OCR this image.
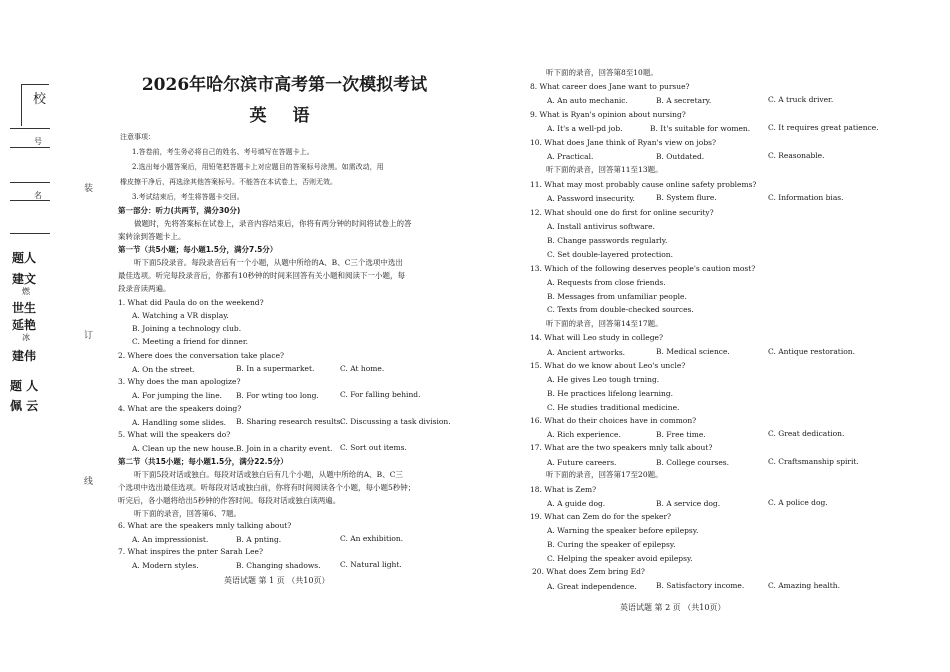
校
号
名
题人
建文
燃
世生
延艳
冰
建伟
题 人
佩 云
装
订
线
2026年哈尔滨市高考第一次模拟考试
英 语
注意事项：
1.答卷前，考生务必将自己的姓名、考号填写在答题卡上。
2.选出每小题答案后，用铅笔把答题卡上对应题目的答案标号涂黑。如需改动，用
橡皮擦干净后，再选涂其他答案标号。不能答在本试卷上，否则无效。
3.考试结束后，考生将答题卡交回。
第一部分：听力(共两节，满分30分)
做题时，先将答案标在试卷上，录音内容结束后，你将有两分钟的时间将试卷上的答
案转涂到答题卡上。
第一节（共5小题；每小题1.5分，满分7.5分）
听下面5段录音。每段录音后有一个小题，从题中所给的A、B、C三个选项中选出
最佳选项。听完每段录音后，你都有10秒钟的时间来回答有关小题和阅读下一小题，每
段录音读两遍。
1. What did Paula do on the weekend?
A. Watching a VR display.
B. Joining a technology club.
C. Meeting a friend for dinner.
2. Where does the conversation take place?
A. On the street.	B. In a supermarket.	C. At home.
3. Why does the man apologize?
A. For jumping the line. B. For wting too long.	C. For falling behind.
4. What are the speakers doing?
A. Handling some slides. B. Sharing research results.
C. Discussing a task division.
5. What will the speakers do?
A. Clean up the new house. B. Join in a charity event. C. Sort out items.
第二节（共15小题；每小题1.5分，满分22.5分）
听下面5段对话或独白。每段对话或独白后有几个小题，从题中所给的A、B、C三
个选项中选出最佳选项。听每段对话或独白前，你将有时间阅读各个小题，每小题5秒钟；
听完后，各小题将给出5秒钟的作答时间。每段对话或独白读两遍。
听下面的录音，回答第6、7题。
6. What are the speakers mnly talking about?
A. An impressionist.	B. A pnting.	C. An exhibition.
7. What inspires the pnter Sarah Lee?
A. Modern styles.	B. Changing shadows.	C. Natural light.
英语试题 第 1 页 （共10页）
听下面的录音，回答第8至10题。
8. What career does Jane want to pursue?
A. An auto mechanic.	B. A secretary.	C. A truck driver.
9. What is Ryan's opinion about nursing?
A. It's a well-pd job.	B. It's suitable for women. C. It requires great patience.
10. What does Jane think of Ryan's view on jobs?
A. Practical.	B. Outdated.	C. Reasonable.
听下面的录音，回答第11至13题。
11. What may most probably cause online safety problems?
A. Password insecurity.	B. System flure.	C. Information bias.
12. What should one do first for online security?
A. Install antivirus software.
B. Change passwords regularly.
C. Set double-layered protection.
13. Which of the following deserves people's caution most?
A. Requests from close friends.
B. Messages from unfamiliar people.
C. Texts from double-checked sources.
听下面的录音，回答第14至17题。
14. What will Leo study in college?
A. Ancient artworks.	B. Medical science.	C. Antique restoration.
15. What do we know about Leo's uncle?
A. He gives Leo tough trning.
B. He practices lifelong learning.
C. He studies traditional medicine.
16. What do their choices have in common?
A. Rich experience.	B. Free time.	C. Great dedication.
17. What are the two speakers mnly talk about?
A. Future careers.	B. College courses.	C. Craftsmanship spirit.
听下面的录音，回答第17至20题。
18. What is Zem?
A. A guide dog.	B. A service dog.	C. A police dog.
19. What can Zem do for the speker?
A. Warning the speaker before epilepsy.
B. Curing the speaker of epilepsy.
C. Helping the speaker avoid epilepsy.
20. What does Zem bring Ed?
A. Great independence.	B. Satisfactory income.	C. Amazing health.
英语试题 第 2 页 （共10页）
